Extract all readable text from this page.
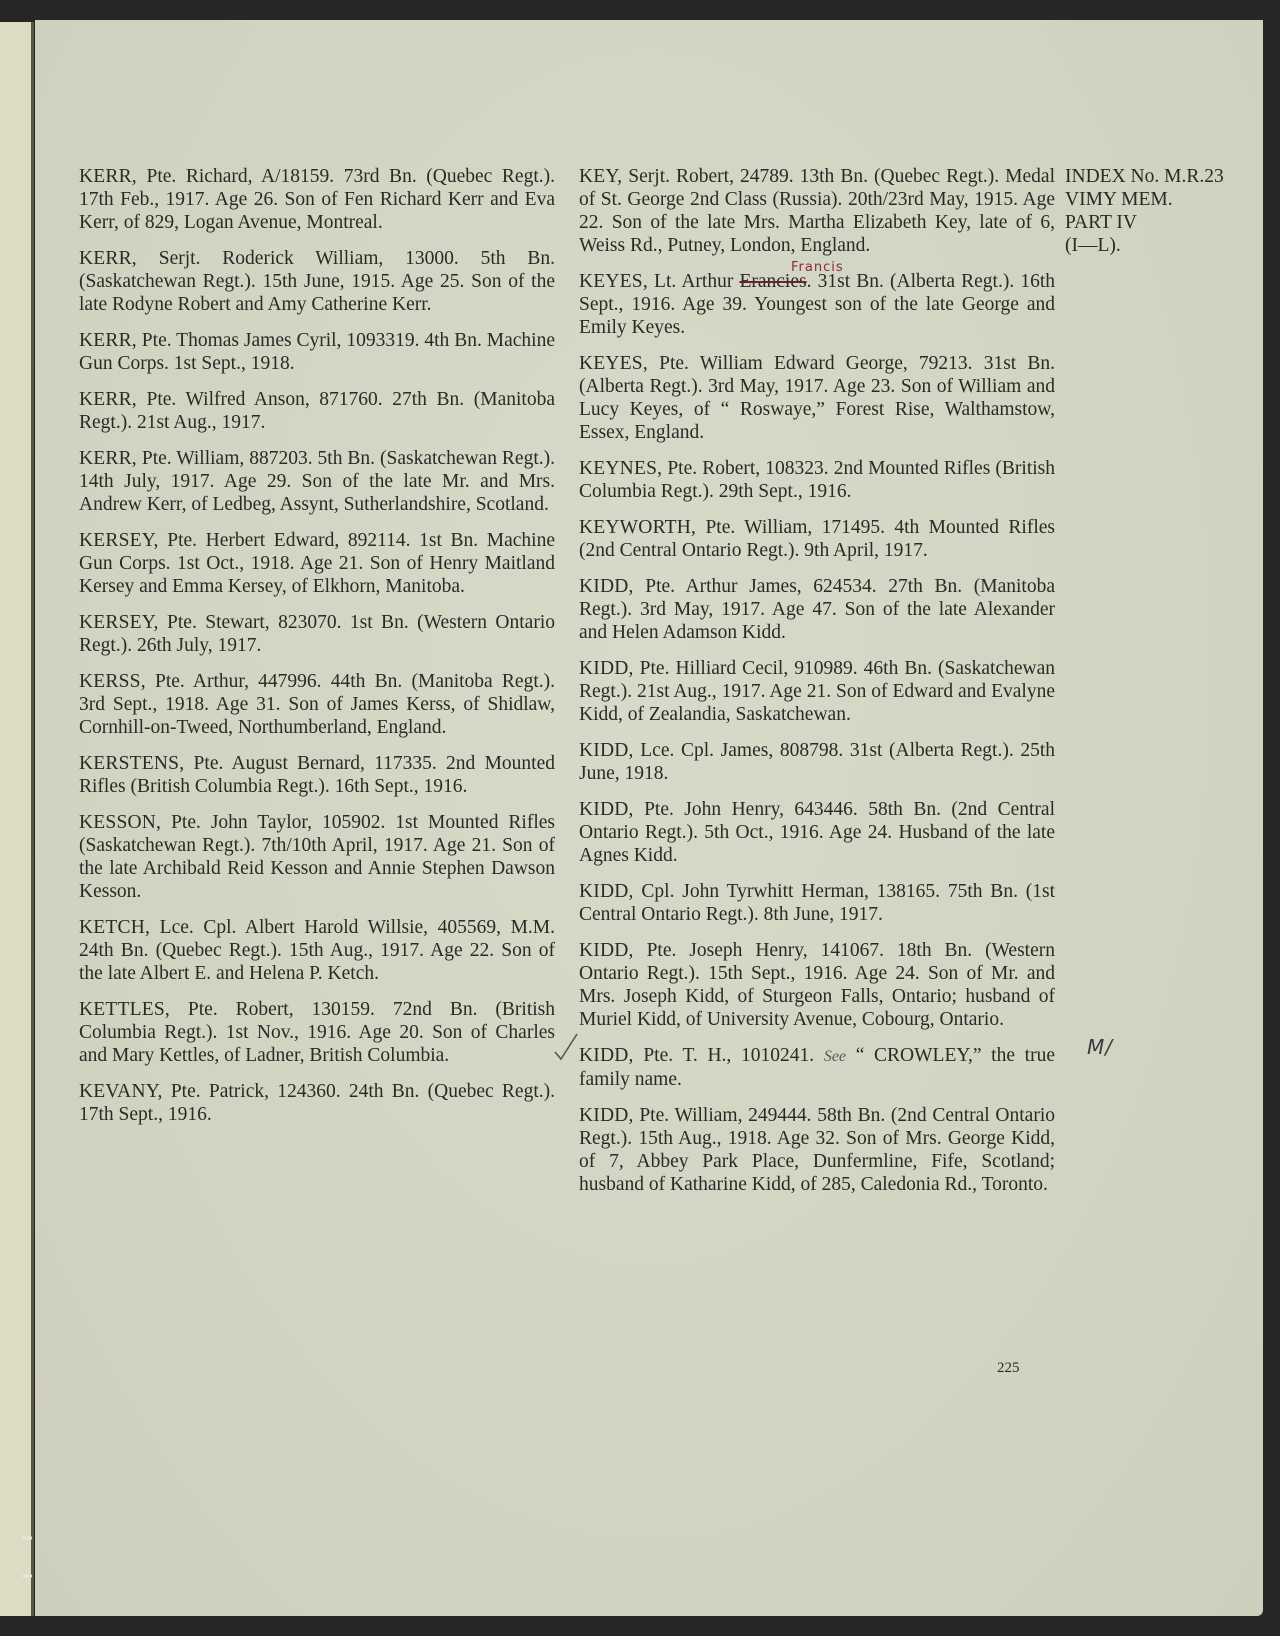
KERR, Pte. Richard, A/18159. 73rd Bn. (Quebec Regt.). 17th Feb., 1917. Age 26. Son of Fen Richard Kerr and Eva Kerr, of 829, Logan Avenue, Montreal.

KERR, Serjt. Roderick William, 13000. 5th Bn. (Saskatchewan Regt.). 15th June, 1915. Age 25. Son of the late Rodyne Robert and Amy Catherine Kerr.

KERR, Pte. Thomas James Cyril, 1093319. 4th Bn. Machine Gun Corps. 1st Sept., 1918.

KERR, Pte. Wilfred Anson, 871760. 27th Bn. (Manitoba Regt.). 21st Aug., 1917.

KERR, Pte. William, 887203. 5th Bn. (Saskatchewan Regt.). 14th July, 1917. Age 29. Son of the late Mr. and Mrs. Andrew Kerr, of Ledbeg, Assynt, Sutherlandshire, Scotland.

KERSEY, Pte. Herbert Edward, 892114. 1st Bn. Machine Gun Corps. 1st Oct., 1918. Age 21. Son of Henry Maitland Kersey and Emma Kersey, of Elkhorn, Manitoba.

KERSEY, Pte. Stewart, 823070. 1st Bn. (Western Ontario Regt.). 26th July, 1917.

KERSS, Pte. Arthur, 447996. 44th Bn. (Manitoba Regt.). 3rd Sept., 1918. Age 31. Son of James Kerss, of Shidlaw, Cornhill-on-Tweed, Northumberland, England.

KERSTENS, Pte. August Bernard, 117335. 2nd Mounted Rifles (British Columbia Regt.). 16th Sept., 1916.

KESSON, Pte. John Taylor, 105902. 1st Mounted Rifles (Saskatchewan Regt.). 7th/10th April, 1917. Age 21. Son of the late Archibald Reid Kesson and Annie Stephen Dawson Kesson.

KETCH, Lce. Cpl. Albert Harold Willsie, 405569, M.M. 24th Bn. (Quebec Regt.). 15th Aug., 1917. Age 22. Son of the late Albert E. and Helena P. Ketch.

KETTLES, Pte. Robert, 130159. 72nd Bn. (British Columbia Regt.). 1st Nov., 1916. Age 20. Son of Charles and Mary Kettles, of Ladner, British Columbia.

KEVANY, Pte. Patrick, 124360. 24th Bn. (Quebec Regt.). 17th Sept., 1916.

KEY, Serjt. Robert, 24789. 13th Bn. (Quebec Regt.). Medal of St. George 2nd Class (Russia). 20th/23rd May, 1915. Age 22. Son of the late Mrs. Martha Elizabeth Key, late of 6, Weiss Rd., Putney, London, England.

KEYES, Lt. Arthur Erancies. 31st Bn. (Alberta Regt.). 16th Sept., 1916. Age 39. Youngest son of the late George and Emily Keyes.
Francis

KEYES, Pte. William Edward George, 79213. 31st Bn. (Alberta Regt.). 3rd May, 1917. Age 23. Son of William and Lucy Keyes, of “ Roswaye,” Forest Rise, Walthamstow, Essex, England.

KEYNES, Pte. Robert, 108323. 2nd Mounted Rifles (British Columbia Regt.). 29th Sept., 1916.

KEYWORTH, Pte. William, 171495. 4th Mounted Rifles (2nd Central Ontario Regt.). 9th April, 1917.

KIDD, Pte. Arthur James, 624534. 27th Bn. (Manitoba Regt.). 3rd May, 1917. Age 47. Son of the late Alexander and Helen Adamson Kidd.

KIDD, Pte. Hilliard Cecil, 910989. 46th Bn. (Saskatchewan Regt.). 21st Aug., 1917. Age 21. Son of Edward and Evalyne Kidd, of Zealandia, Saskatchewan.

KIDD, Lce. Cpl. James, 808798. 31st (Alberta Regt.). 25th June, 1918.

KIDD, Pte. John Henry, 643446. 58th Bn. (2nd Central Ontario Regt.). 5th Oct., 1916. Age 24. Husband of the late Agnes Kidd.

KIDD, Cpl. John Tyrwhitt Herman, 138165. 75th Bn. (1st Central Ontario Regt.). 8th June, 1917.

KIDD, Pte. Joseph Henry, 141067. 18th Bn. (Western Ontario Regt.). 15th Sept., 1916. Age 24. Son of Mr. and Mrs. Joseph Kidd, of Sturgeon Falls, Ontario; husband of Muriel Kidd, of University Avenue, Cobourg, Ontario.

KIDD, Pte. T. H., 1010241. See “ CROWLEY,” the true family name.
M/

KIDD, Pte. William, 249444. 58th Bn. (2nd Central Ontario Regt.). 15th Aug., 1918. Age 32. Son of Mrs. George Kidd, of 7, Abbey Park Place, Dunfermline, Fife, Scotland; husband of Katharine Kidd, of 285, Caledonia Rd., Toronto.

INDEX No. M.R.23
VIMY MEM.
PART IV
(I—L).
225
